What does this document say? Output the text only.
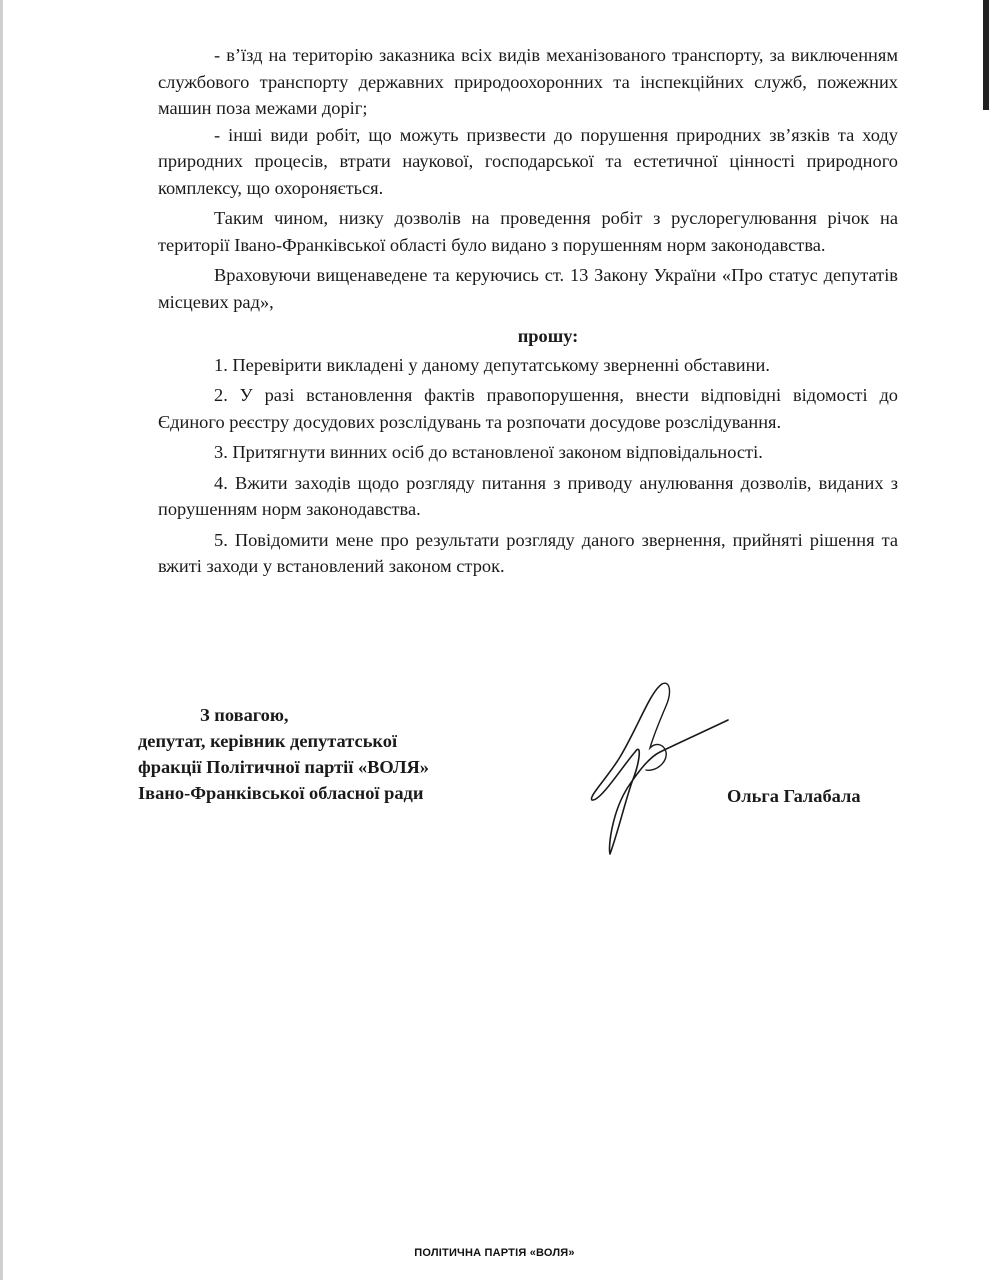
- в’їзд на територію заказника всіх видів механізованого транспорту, за виключенням службового транспорту державних природоохоронних та інспекційних служб, пожежних машин поза межами доріг;

- інші види робіт, що можуть призвести до порушення природних зв’язків та ходу природних процесів, втрати наукової, господарської та естетичної цінності природного комплексу, що охороняється.

Таким чином, низку дозволів на проведення робіт з руслорегулювання річок на території Івано-Франківської області було видано з порушенням норм законодавства.

Враховуючи вищенаведене та керуючись ст. 13 Закону України «Про статус депутатів місцевих рад»,

прошу:

1. Перевірити викладені у даному депутатському зверненні обставини.
2. У разі встановлення фактів правопорушення, внести відповідні відомості до Єдиного реєстру досудових розслідувань та розпочати досудове розслідування.
3. Притягнути винних осіб до встановленої законом відповідальності.
4. Вжити заходів щодо розгляду питання з приводу анулювання дозволів, виданих з порушенням норм законодавства.
5. Повідомити мене про результати розгляду даного звернення, прийняті рішення та вжиті заходи у встановлений законом строк.
З повагою,
депутат, керівник депутатської
фракції Політичної партії «ВОЛЯ»
Івано-Франківської обласної ради	Ольга Галабала
ПОЛІТИЧНА ПАРТІЯ «ВОЛЯ»
